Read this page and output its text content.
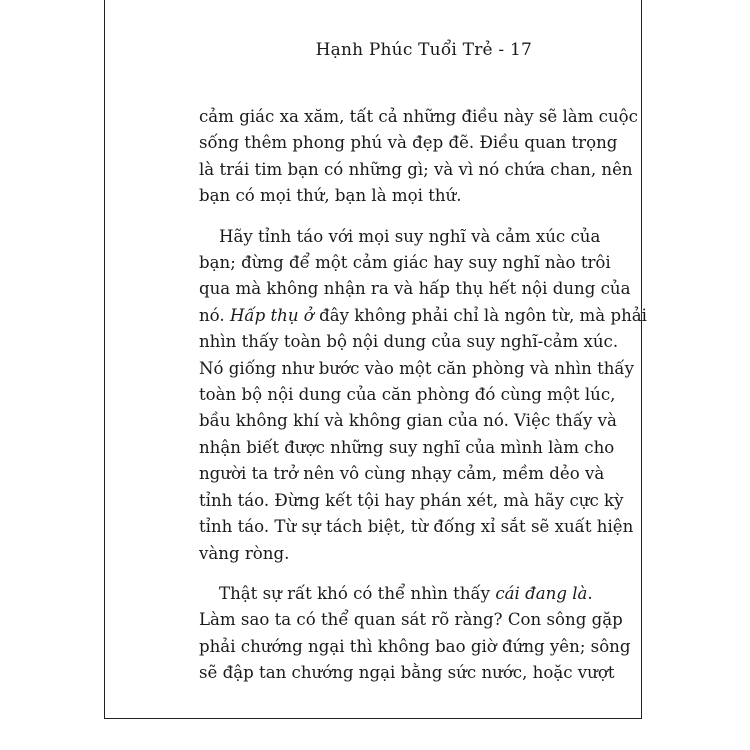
Hạnh Phúc Tuổi Trẻ - 17

cảm giác xa xăm, tất cả những điều này sẽ làm cuộc
sống thêm phong phú và đẹp đẽ. Điều quan trọng
là trái tim bạn có những gì; và vì nó chứa chan, nên
bạn có mọi thứ, bạn là mọi thứ.

Hãy tỉnh táo với mọi suy nghĩ và cảm xúc của
bạn; đừng để một cảm giác hay suy nghĩ nào trôi
qua mà không nhận ra và hấp thụ hết nội dung của
nó. Hấp thụ ở đây không phải chỉ là ngôn từ, mà phải
nhìn thấy toàn bộ nội dung của suy nghĩ-cảm xúc.
Nó giống như bước vào một căn phòng và nhìn thấy
toàn bộ nội dung của căn phòng đó cùng một lúc,
bầu không khí và không gian của nó. Việc thấy và
nhận biết được những suy nghĩ của mình làm cho
người ta trở nên vô cùng nhạy cảm, mềm dẻo và
tỉnh táo. Đừng kết tội hay phán xét, mà hãy cực kỳ
tỉnh táo. Từ sự tách biệt, từ đống xỉ sắt sẽ xuất hiện
vàng ròng.

Thật sự rất khó có thể nhìn thấy cái đang là.
Làm sao ta có thể quan sát rõ ràng? Con sông gặp
phải chướng ngại thì không bao giờ đứng yên; sông
sẽ đập tan chướng ngại bằng sức nước, hoặc vượt
